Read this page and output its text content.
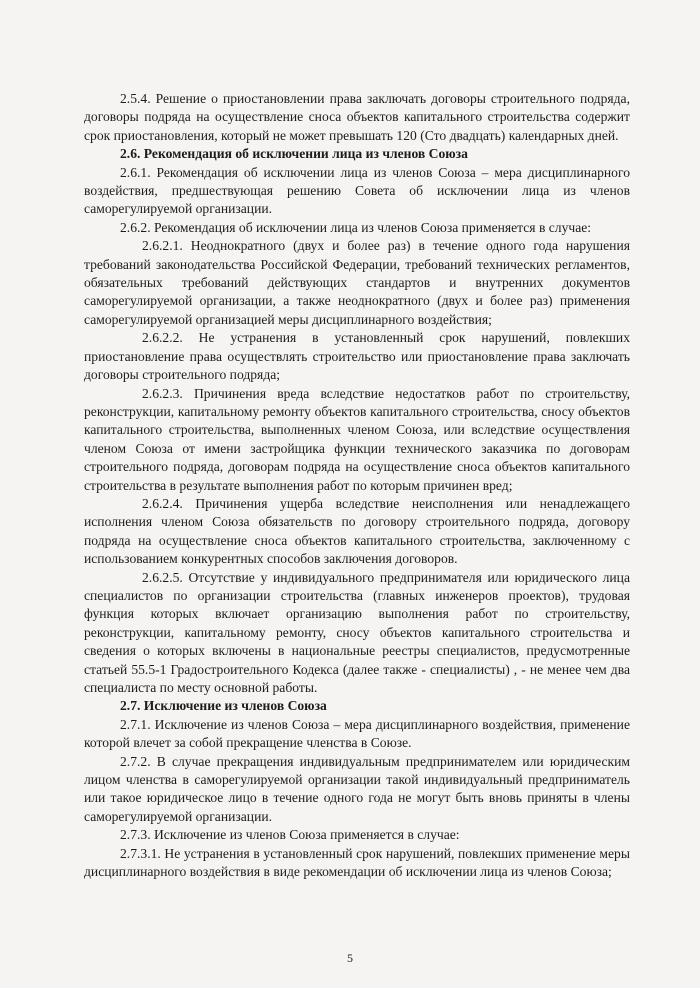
2.5.4. Решение о приостановлении права заключать договоры строительного подряда, договоры подряда на осуществление сноса объектов капитального строительства содержит срок приостановления, который не может превышать 120 (Сто двадцать) календарных дней.

2.6. Рекомендация об исключении лица из членов Союза

2.6.1. Рекомендация об исключении лица из членов Союза – мера дисциплинарного воздействия, предшествующая решению Совета об исключении лица из членов саморегулируемой организации.

2.6.2. Рекомендация об исключении лица из членов Союза применяется в случае:

2.6.2.1. Неоднократного (двух и более раз) в течение одного года нарушения требований законодательства Российской Федерации, требований технических регламентов, обязательных требований действующих стандартов и внутренних документов саморегулируемой организации, а также неоднократного (двух и более раз) применения саморегулируемой организацией меры дисциплинарного воздействия;

2.6.2.2. Не устранения в установленный срок нарушений, повлекших приостановление права осуществлять строительство или приостановление права заключать договоры строительного подряда;

2.6.2.3. Причинения вреда вследствие недостатков работ по строительству, реконструкции, капитальному ремонту объектов капитального строительства, сносу объектов капитального строительства, выполненных членом Союза, или вследствие осуществления членом Союза от имени застройщика функции технического заказчика по договорам строительного подряда, договорам подряда на осуществление сноса объектов капитального строительства в результате выполнения работ по которым причинен вред;

2.6.2.4. Причинения ущерба вследствие неисполнения или ненадлежащего исполнения членом Союза обязательств по договору строительного подряда, договору подряда на осуществление сноса объектов капитального строительства, заключенному с использованием конкурентных способов заключения договоров.

2.6.2.5. Отсутствие у индивидуального предпринимателя или юридического лица специалистов по организации строительства (главных инженеров проектов), трудовая функция которых включает организацию выполнения работ по строительству, реконструкции, капитальному ремонту, сносу объектов капитального строительства и сведения о которых включены в национальные реестры специалистов, предусмотренные статьей 55.5-1 Градостроительного Кодекса (далее также - специалисты) , - не менее чем два специалиста по месту основной работы.

2.7. Исключение из членов Союза

2.7.1. Исключение из членов Союза – мера дисциплинарного воздействия, применение которой влечет за собой прекращение членства в Союзе.

2.7.2. В случае прекращения индивидуальным предпринимателем или юридическим лицом членства в саморегулируемой организации такой индивидуальный предприниматель или такое юридическое лицо в течение одного года не могут быть вновь приняты в члены саморегулируемой организации.

2.7.3. Исключение из членов Союза применяется в случае:

2.7.3.1. Не устранения в установленный срок нарушений, повлекших применение меры дисциплинарного воздействия в виде рекомендации об исключении лица из членов Союза;

5
